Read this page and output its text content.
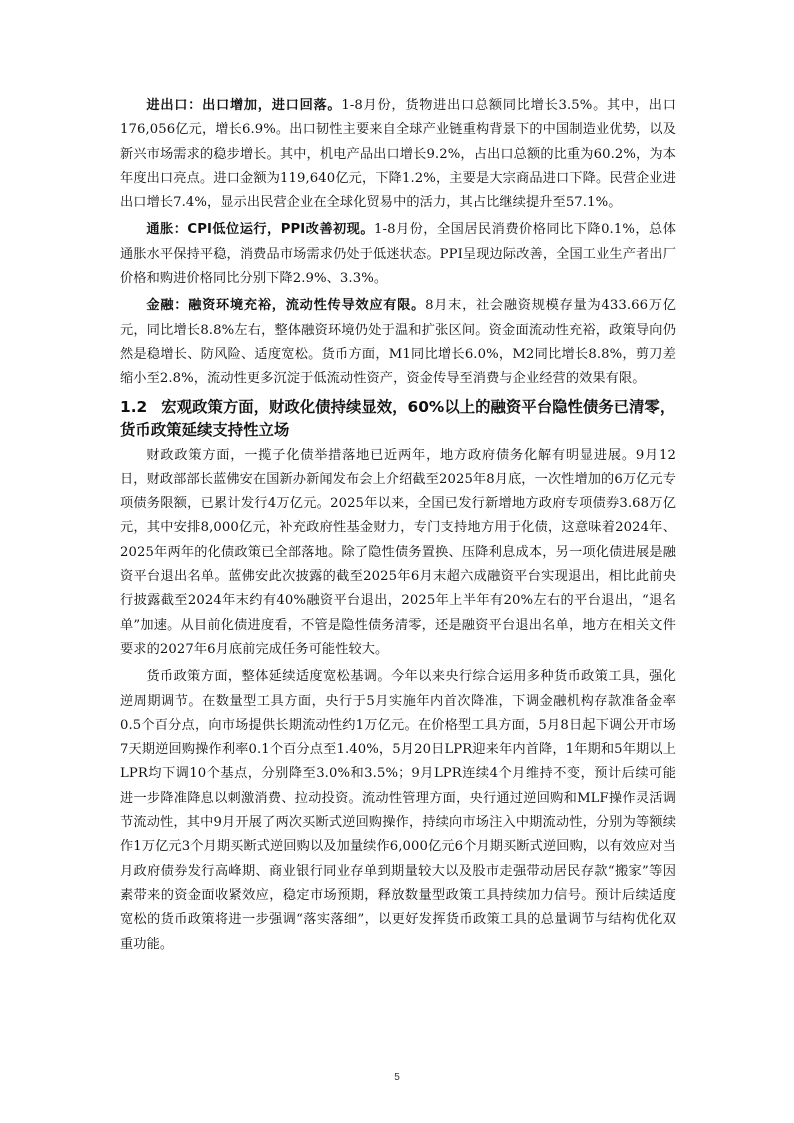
进出口：出口增加，进口回落。1-8月份，货物进出口总额同比增长3.5%。其中，出口176,056亿元，增长6.9%。出口韧性主要来自全球产业链重构背景下的中国制造业优势，以及新兴市场需求的稳步增长。其中，机电产品出口增长9.2%，占出口总额的比重为60.2%，为本年度出口亮点。进口金额为119,640亿元，下降1.2%，主要是大宗商品进口下降。民营企业进出口增长7.4%，显示出民营企业在全球化贸易中的活力，其占比继续提升至57.1%。

通胀：CPI低位运行，PPI改善初现。1-8月份，全国居民消费价格同比下降0.1%，总体通胀水平保持平稳，消费品市场需求仍处于低迷状态。PPI呈现边际改善，全国工业生产者出厂价格和购进价格同比分别下降2.9%、3.3%。

金融：融资环境充裕，流动性传导效应有限。8月末，社会融资规模存量为433.66万亿元，同比增长8.8%左右，整体融资环境仍处于温和扩张区间。资金面流动性充裕，政策导向仍然是稳增长、防风险、适度宽松。货币方面，M1同比增长6.0%，M2同比增长8.8%，剪刀差缩小至2.8%，流动性更多沉淀于低流动性资产，资金传导至消费与企业经营的效果有限。

1.2 宏观政策方面，财政化债持续显效，60%以上的融资平台隐性债务已清零，货币政策延续支持性立场

财政政策方面，一揽子化债举措落地已近两年，地方政府债务化解有明显进展。9月12日，财政部部长蓝佛安在国新办新闻发布会上介绍截至2025年8月底，一次性增加的6万亿元专项债务限额，已累计发行4万亿元。2025年以来，全国已发行新增地方政府专项债券3.68万亿元，其中安排8,000亿元，补充政府性基金财力，专门支持地方用于化债，这意味着2024年、2025年两年的化债政策已全部落地。除了隐性债务置换、压降利息成本，另一项化债进展是融资平台退出名单。蓝佛安此次披露的截至2025年6月末超六成融资平台实现退出，相比此前央行披露截至2024年末约有40%融资平台退出，2025年上半年有20%左右的平台退出，“退名单”加速。从目前化债进度看，不管是隐性债务清零，还是融资平台退出名单，地方在相关文件要求的2027年6月底前完成任务可能性较大。

货币政策方面，整体延续适度宽松基调。今年以来央行综合运用多种货币政策工具，强化逆周期调节。在数量型工具方面，央行于5月实施年内首次降准，下调金融机构存款准备金率0.5个百分点，向市场提供长期流动性约1万亿元。在价格型工具方面，5月8日起下调公开市场7天期逆回购操作利率0.1个百分点至1.40%，5月20日LPR迎来年内首降，1年期和5年期以上LPR均下调10个基点，分别降至3.0%和3.5%；9月LPR连续4个月维持不变，预计后续可能进一步降准降息以刺激消费、拉动投资。流动性管理方面，央行通过逆回购和MLF操作灵活调节流动性，其中9月开展了两次买断式逆回购操作，持续向市场注入中期流动性，分别为等额续作1万亿元3个月期买断式逆回购以及加量续作6,000亿元6个月期买断式逆回购，以有效应对当月政府债券发行高峰期、商业银行同业存单到期量较大以及股市走强带动居民存款“搬家”等因素带来的资金面收紧效应，稳定市场预期，释放数量型政策工具持续加力信号。预计后续适度宽松的货币政策将进一步强调“落实落细”，以更好发挥货币政策工具的总量调节与结构优化双重功能。

5
